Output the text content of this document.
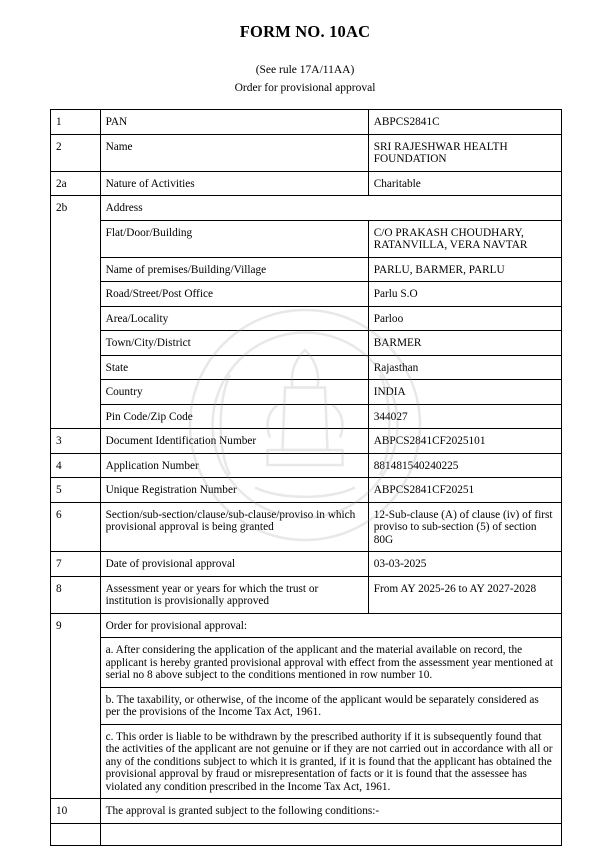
FORM NO. 10AC
(See rule 17A/11AA)
Order for provisional approval
1	PAN	ABPCS2841C
2	Name	SRI RAJESHWAR HEALTH FOUNDATION
2a	Nature of Activities	Charitable
2b	Address	
	Flat/Door/Building	C/O PRAKASH CHOUDHARY, RATANVILLA, VERA NAVTAR
	Name of premises/Building/Village	PARLU, BARMER, PARLU
	Road/Street/Post Office	Parlu S.O
	Area/Locality	Parloo
	Town/City/District	BARMER
	State	Rajasthan
	Country	INDIA
	Pin Code/Zip Code	344027
3	Document Identification Number	ABPCS2841CF2025101
4	Application Number	881481540240225
5	Unique Registration Number	ABPCS2841CF20251
6	Section/sub-section/clause/sub-clause/proviso in which provisional approval is being granted	12-Sub-clause (A) of clause (iv) of first proviso to sub-section (5) of section 80G
7	Date of provisional approval	03-03-2025
8	Assessment year or years for which the trust or institution is provisionally approved	From AY 2025-26 to AY 2027-2028
9	Order for provisional approval:	
	a. After considering the application of the applicant and the material available on record, the applicant is hereby granted provisional approval with effect from the assessment year mentioned at serial no 8 above subject to the conditions mentioned in row number 10.	
	b. The taxability, or otherwise, of the income of the applicant would be separately considered as per the provisions of the Income Tax Act, 1961.	
	c. This order is liable to be withdrawn by the prescribed authority if it is subsequently found that the activities of the applicant are not genuine or if they are not carried out in accordance with all or any of the conditions subject to which it is granted, if it is found that the applicant has obtained the provisional approval by fraud or misrepresentation of facts or it is found that the assessee has violated any condition prescribed in the Income Tax Act, 1961.	
10	The approval is granted subject to the following conditions:-	
